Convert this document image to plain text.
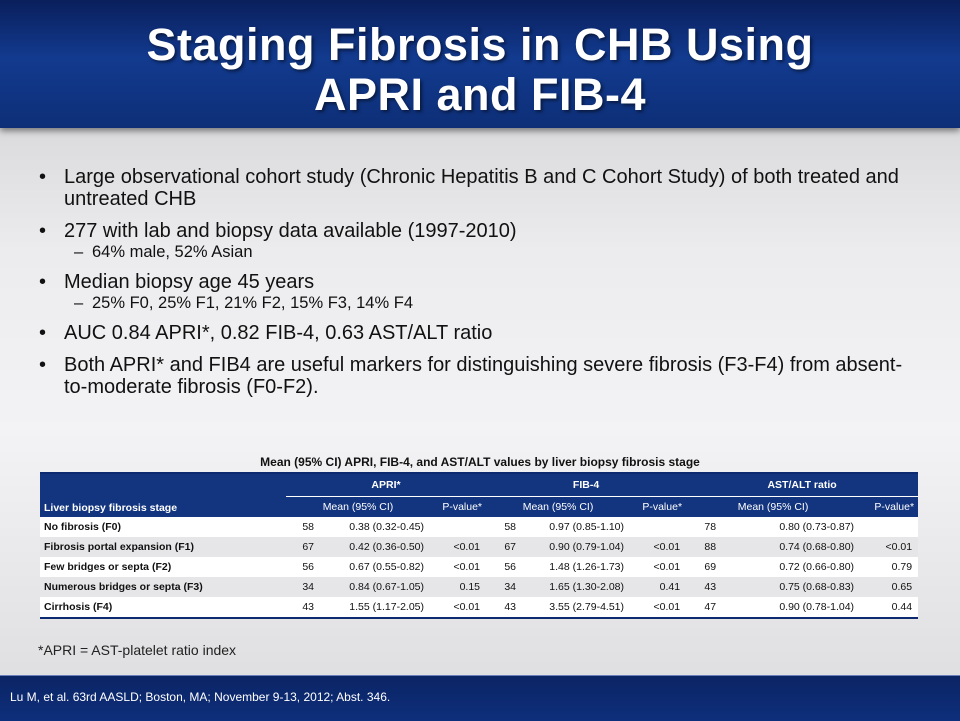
Staging Fibrosis in CHB Using
APRI and FIB-4
• Large observational cohort study (Chronic Hepatitis B and C Cohort Study) of both treated and untreated CHB
• 277 with lab and biopsy data available (1997-2010)
– 64% male, 52% Asian
• Median biopsy age 45 years
– 25% F0, 25% F1, 21% F2, 15% F3, 14% F4
• AUC 0.84 APRI*, 0.82 FIB-4, 0.63 AST/ALT ratio
• Both APRI* and FIB4 are useful markers for distinguishing severe fibrosis (F3-F4) from absent-to-moderate fibrosis (F0-F2).
Mean (95% CI) APRI, FIB-4, and AST/ALT values by liver biopsy fibrosis stage
Liver biopsy fibrosis stage	APRI*			FIB-4			AST/ALT ratio		
	Mean (95% CI)		P-value*	Mean (95% CI)		P-value*	Mean (95% CI)		P-value*
No fibrosis (F0)	58	0.38 (0.32-0.45)		58	0.97 (0.85-1.10)		78	0.80 (0.73-0.87)	
Fibrosis portal expansion (F1)	67	0.42 (0.36-0.50)	<0.01	67	0.90 (0.79-1.04)	<0.01	88	0.74 (0.68-0.80)	<0.01
Few bridges or septa (F2)	56	0.67 (0.55-0.82)	<0.01	56	1.48 (1.26-1.73)	<0.01	69	0.72 (0.66-0.80)	0.79
Numerous bridges or septa (F3)	34	0.84 (0.67-1.05)	0.15	34	1.65 (1.30-2.08)	0.41	43	0.75 (0.68-0.83)	0.65
Cirrhosis (F4)	43	1.55 (1.17-2.05)	<0.01	43	3.55 (2.79-4.51)	<0.01	47	0.90 (0.78-1.04)	0.44
*APRI = AST-platelet ratio index
Lu M, et al. 63rd AASLD; Boston, MA; November 9-13, 2012; Abst. 346.
